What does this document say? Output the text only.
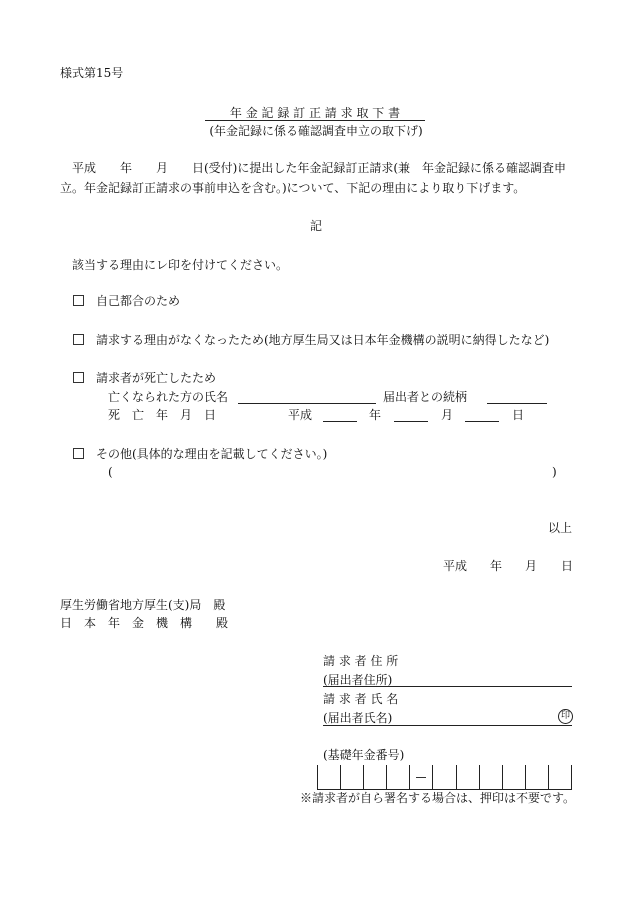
様式第15号
年 金 記 録 訂 正 請 求 取 下 書
(年金記録に係る確認調査申立の取下げ)
　平成　　年　　月　　日(受付)に提出した年金記録訂正請求(兼　年金記録に係る確認調査申
立。年金記録訂正請求の事前申込を含む。)について、下記の理由により取り下げます。
記
該当する理由にレ印を付けてください。
自己都合のため
請求する理由がなくなったため(地方厚生局又は日本年金機構の説明に納得したなど)
請求者が死亡したため
亡くなられた方の氏名	届出者との続柄
死　亡　年　月　日	平成	年	月	日
その他(具体的な理由を記載してください。)
(	)
以上
平成 年 月 日
厚生労働省地方厚生(支)局　殿
日　本　年　金　機　構　　殿
請 求 者 住 所
(届出者住所)
請 求 者 氏 名
(届出者氏名)	印
(基礎年金番号)
※請求者が自ら署名する場合は、押印は不要です。
